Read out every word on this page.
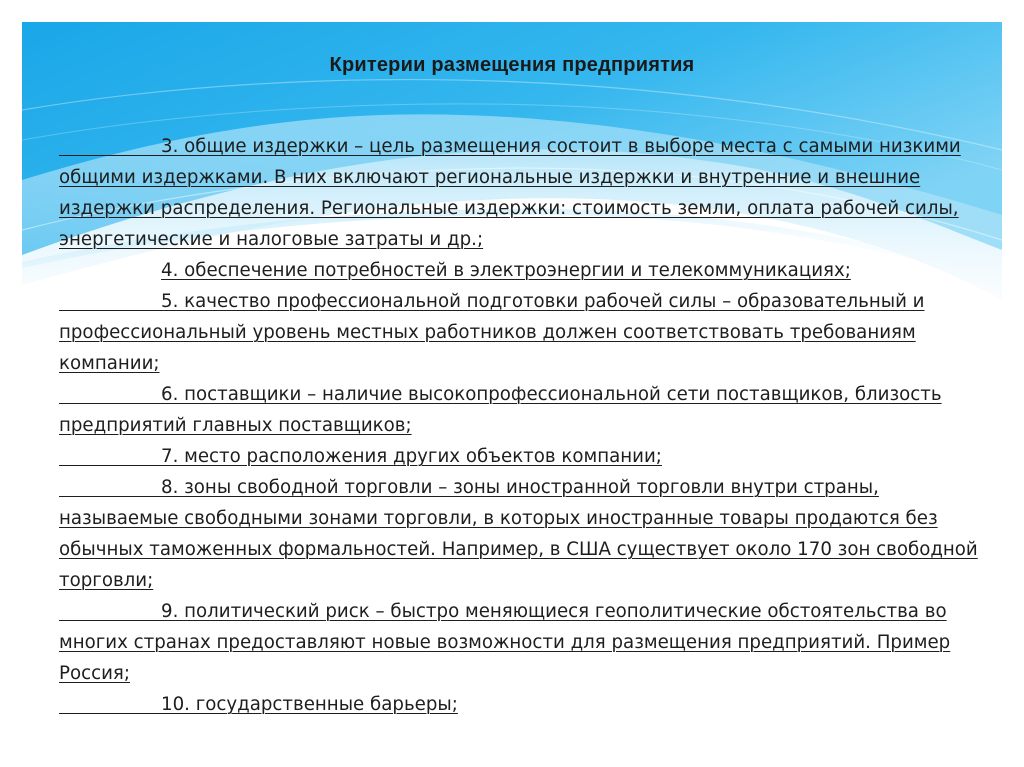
Критерии размещения предприятия

3. общие издержки – цель размещения состоит в выборе места с самыми низкими общими издержками. В них включают региональные издержки и внутренние и внешние издержки распределения. Региональные издержки: стоимость земли, оплата рабочей силы, энергетические и налоговые затраты и др.;

4. обеспечение потребностей в электроэнергии и телекоммуникациях;

5. качество профессиональной подготовки рабочей силы – образовательный и профессиональный уровень местных работников должен соответствовать требованиям компании;

6. поставщики – наличие высокопрофессиональной сети поставщиков, близость предприятий главных поставщиков;

7. место расположения других объектов компании;

8. зоны свободной торговли – зоны иностранной торговли внутри страны, называемые свободными зонами торговли, в которых иностранные товары продаются без обычных таможенных формальностей. Например, в США существует около 170 зон свободной торговли;

9. политический риск – быстро меняющиеся геополитические обстоятельства во многих странах предоставляют новые возможности для размещения предприятий. Пример Россия;

10. государственные барьеры;
